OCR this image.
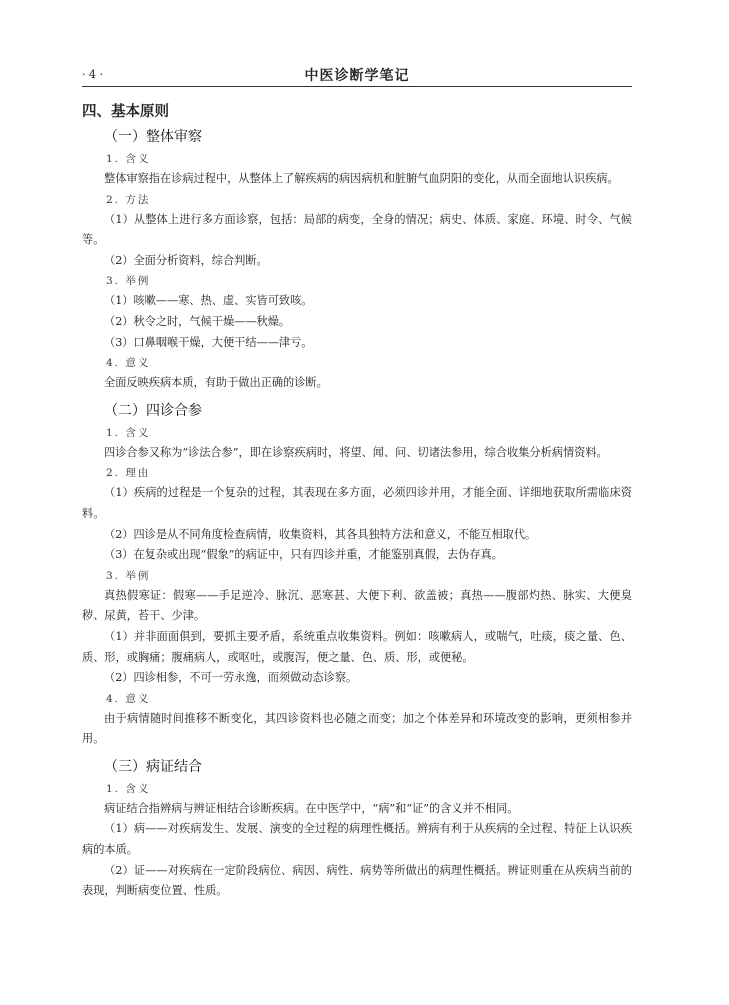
· 4 ·	中医诊断学笔记
四、基本原则
（一）整体审察
1. 含义
整体审察指在诊病过程中，从整体上了解疾病的病因病机和脏腑气血阴阳的变化，从而全面地认识疾病。
2. 方法
（1）从整体上进行多方面诊察，包括：局部的病变，全身的情况；病史、体质、家庭、环境、时令、气候等。
（2）全面分析资料，综合判断。
3. 举例
（1）咳嗽——寒、热、虚、实皆可致咳。
（2）秋令之时，气候干燥——秋燥。
（3）口鼻咽喉干燥，大便干结——津亏。
4. 意义
全面反映疾病本质，有助于做出正确的诊断。
（二）四诊合参
1. 含义
四诊合参又称为“诊法合参”，即在诊察疾病时，将望、闻、问、切诸法参用，综合收集分析病情资料。
2. 理由
（1）疾病的过程是一个复杂的过程，其表现在多方面，必须四诊并用，才能全面、详细地获取所需临床资料。
（2）四诊是从不同角度检查病情，收集资料，其各具独特方法和意义，不能互相取代。
（3）在复杂或出现“假象”的病证中，只有四诊并重，才能鉴别真假，去伪存真。
3. 举例
真热假寒证：假寒——手足逆冷、脉沉、恶寒甚、大便下利、欲盖被；真热——腹部灼热、脉实、大便臭秽、尿黄，苔干、少津。
（1）并非面面俱到，要抓主要矛盾，系统重点收集资料。例如：咳嗽病人，或喘气，吐痰，痰之量、色、质、形，或胸痛；腹痛病人，或呕吐，或腹泻，便之量、色、质、形，或便秘。
（2）四诊相参，不可一劳永逸，而须做动态诊察。
4. 意义
由于病情随时间推移不断变化，其四诊资料也必随之而变；加之个体差异和环境改变的影响，更须相参并用。
（三）病证结合
1. 含义
病证结合指辨病与辨证相结合诊断疾病。在中医学中，“病”和“证”的含义并不相同。
（1）病——对疾病发生、发展、演变的全过程的病理性概括。辨病有利于从疾病的全过程、特征上认识疾病的本质。
（2）证——对疾病在一定阶段病位、病因、病性、病势等所做出的病理性概括。辨证则重在从疾病当前的表现，判断病变位置、性质。
